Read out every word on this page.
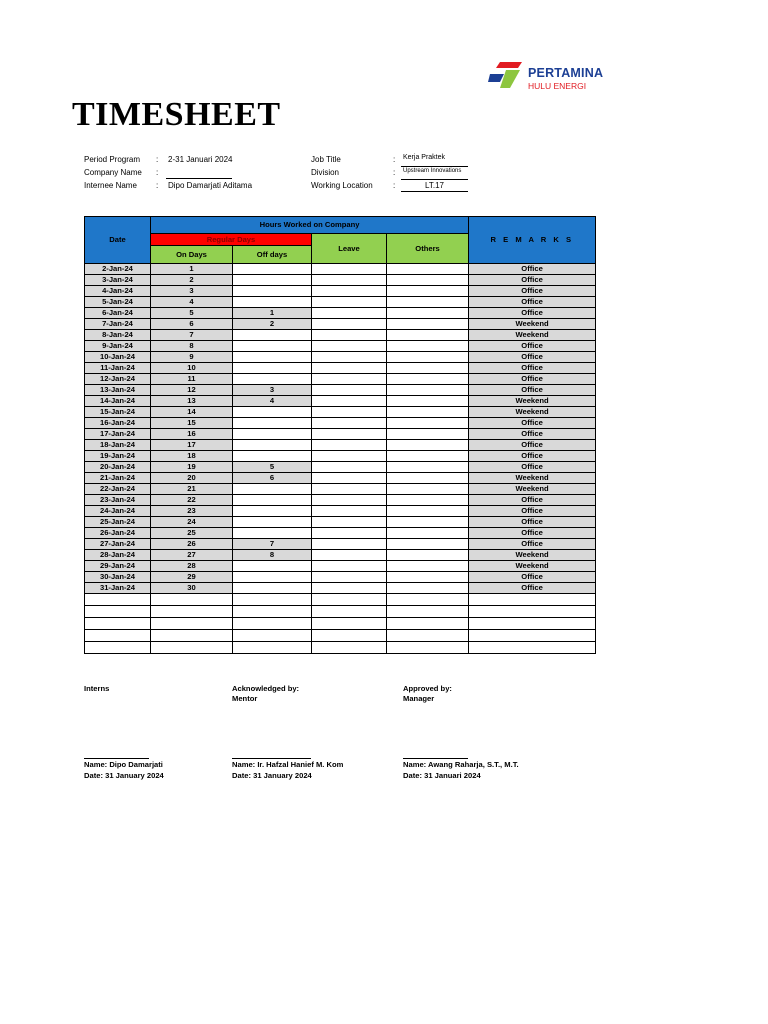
PERTAMINA
HULU ENERGI
TIMESHEET
Period Program : 2-31 Januari 2024
Company Name :
Internee Name : Dipo Damarjati Aditama
Job Title	: Kerja Praktek
Division	: Upstream Innovations
Working Location	:	LT.17
Date	Hours Worked on Company				R E M A R K S
	Regular Days		Leave	Others	
	On Days	Off days			
2-Jan-24	1				Office
3-Jan-24	2				Office
4-Jan-24	3				Office
5-Jan-24	4				Office
6-Jan-24	5	1			Office
7-Jan-24	6	2			Weekend
8-Jan-24	7				Weekend
9-Jan-24	8				Office
10-Jan-24	9				Office
11-Jan-24	10				Office
12-Jan-24	11				Office
13-Jan-24	12	3			Office
14-Jan-24	13	4			Weekend
15-Jan-24	14				Weekend
16-Jan-24	15				Office
17-Jan-24	16				Office
18-Jan-24	17				Office
19-Jan-24	18				Office
20-Jan-24	19	5			Office
21-Jan-24	20	6			Weekend
22-Jan-24	21				Weekend
23-Jan-24	22				Office
24-Jan-24	23				Office
25-Jan-24	24				Office
26-Jan-24	25				Office
27-Jan-24	26	7			Office
28-Jan-24	27	8			Weekend
29-Jan-24	28				Weekend
30-Jan-24	29				Office
31-Jan-24	30				Office

Interns	Acknowledged by:
Mentor
Approved by:
Manager
Name: Dipo Damarjati
Date: 31 January 2024
Name: Ir. Hafzal Hanief M. Kom
Date: 31 January 2024
Name: Awang Raharja, S.T., M.T.
Date: 31 Januari 2024
